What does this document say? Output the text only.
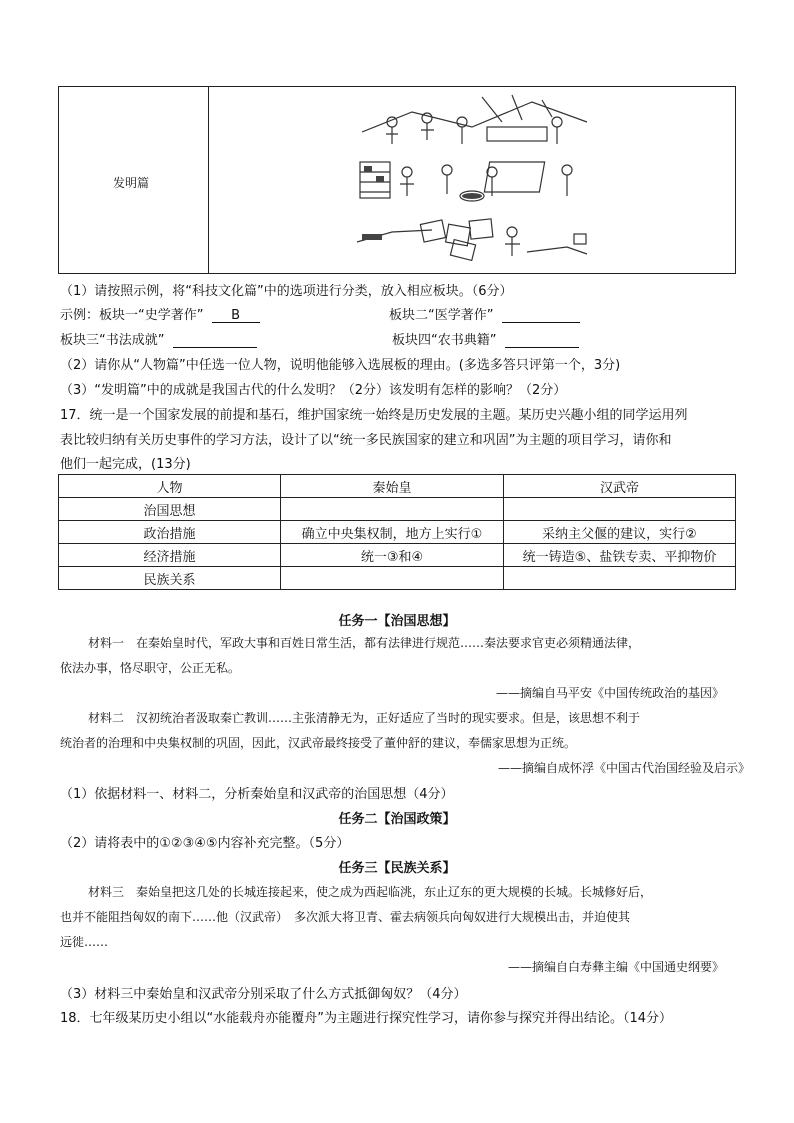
发明篇
（1）请按照示例，将“科技文化篇”中的选项进行分类，放入相应板块。（6分）
示例：板块一“史学著作” B	板块二“医学著作”
板块三“书法成就”	板块四“农书典籍”
（2）请你从“人物篇”中任选一位人物，说明他能够入选展板的理由。(多选多答只评第一个，3分)
（3）“发明篇”中的成就是我国古代的什么发明？（2分）该发明有怎样的影响？（2分）
17．统一是一个国家发展的前提和基石，维护国家统一始终是历史发展的主题。某历史兴趣小组的同学运用列
表比较归纳有关历史事件的学习方法，设计了以“统一多民族国家的建立和巩固”为主题的项目学习，请你和
他们一起完成，(13分)
人物	秦始皇	汉武帝
治国思想		
政治措施	确立中央集权制，地方上实行①	采纳主父偃的建议，实行②
经济措施	统一③和④	统一铸造⑤、盐铁专卖、平抑物价
民族关系		
任务一【治国思想】
材料一　在秦始皇时代，军政大事和百姓日常生活，都有法律进行规范……秦法要求官吏必须精通法律，
依法办事，恪尽职守，公正无私。
——摘编自马平安《中国传统政治的基因》
材料二　汉初统治者汲取秦亡教训……主张清静无为，正好适应了当时的现实要求。但是，该思想不利于
统治者的治理和中央集权制的巩固，因此，汉武帝最终接受了董仲舒的建议，奉儒家思想为正统。
——摘编自成怀浮《中国古代治国经验及启示》
（1）依据材料一、材料二，分析秦始皇和汉武帝的治国思想（4分）
任务二【治国政策】
（2）请将表中的①②③④⑤内容补充完整。（5分）
任务三【民族关系】
材料三　秦始皇把这几处的长城连接起来，使之成为西起临洮，东止辽东的更大规模的长城。长城修好后，
也并不能阻挡匈奴的南下……他（汉武帝）　多次派大将卫青、霍去病领兵向匈奴进行大规模出击，并迫使其
远徙……
——摘编自白寿彝主编《中国通史纲要》
（3）材料三中秦始皇和汉武帝分别采取了什么方式抵御匈奴？（4分）
18．七年级某历史小组以“水能载舟亦能覆舟”为主题进行探究性学习，请你参与探究并得出结论。（14分）
